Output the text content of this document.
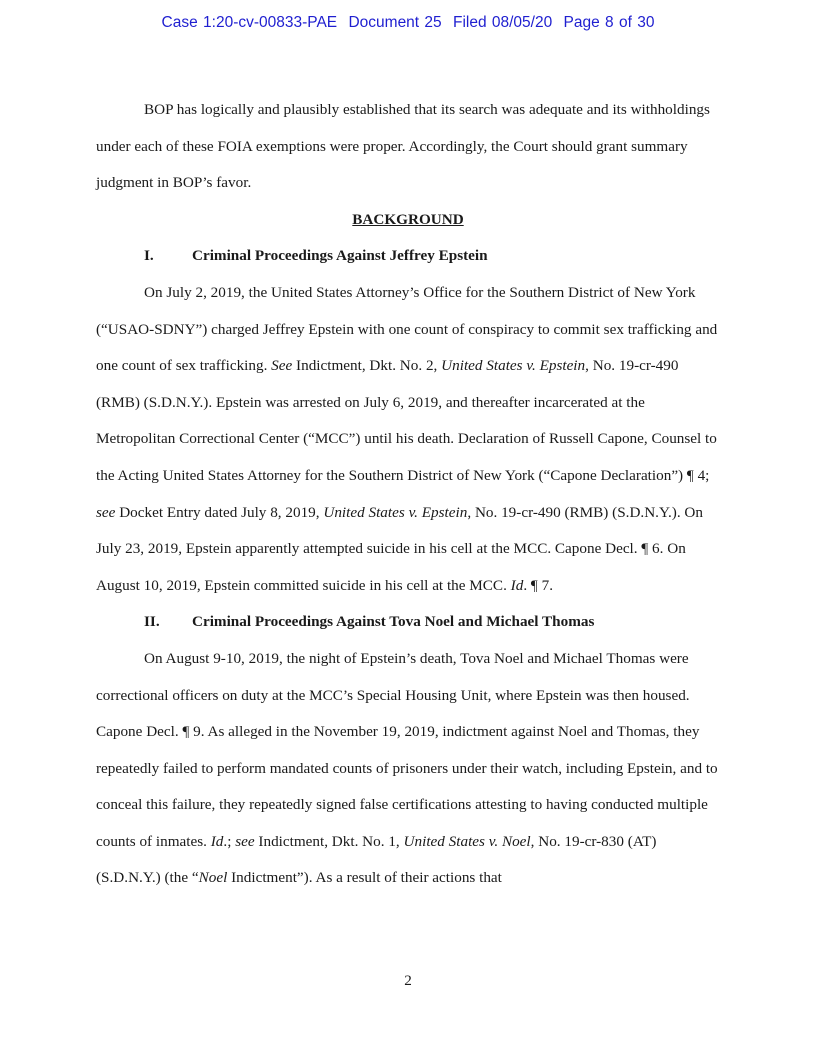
Case 1:20-cv-00833-PAE Document 25 Filed 08/05/20 Page 8 of 30

BOP has logically and plausibly established that its search was adequate and its withholdings under each of these FOIA exemptions were proper. Accordingly, the Court should grant summary judgment in BOP’s favor.

BACKGROUND

I.	Criminal Proceedings Against Jeffrey Epstein

On July 2, 2019, the United States Attorney’s Office for the Southern District of New York (“USAO-SDNY”) charged Jeffrey Epstein with one count of conspiracy to commit sex trafficking and one count of sex trafficking. See Indictment, Dkt. No. 2, United States v. Epstein, No. 19-cr-490 (RMB) (S.D.N.Y.). Epstein was arrested on July 6, 2019, and thereafter incarcerated at the Metropolitan Correctional Center (“MCC”) until his death. Declaration of Russell Capone, Counsel to the Acting United States Attorney for the Southern District of New York (“Capone Declaration”) ¶ 4; see Docket Entry dated July 8, 2019, United States v. Epstein, No. 19-cr-490 (RMB) (S.D.N.Y.). On July 23, 2019, Epstein apparently attempted suicide in his cell at the MCC. Capone Decl. ¶ 6. On August 10, 2019, Epstein committed suicide in his cell at the MCC. Id. ¶ 7.

II. Criminal Proceedings Against Tova Noel and Michael Thomas

On August 9-10, 2019, the night of Epstein’s death, Tova Noel and Michael Thomas were correctional officers on duty at the MCC’s Special Housing Unit, where Epstein was then housed. Capone Decl. ¶ 9. As alleged in the November 19, 2019, indictment against Noel and Thomas, they repeatedly failed to perform mandated counts of prisoners under their watch, including Epstein, and to conceal this failure, they repeatedly signed false certifications attesting to having conducted multiple counts of inmates. Id.; see Indictment, Dkt. No. 1, United States v. Noel, No. 19-cr-830 (AT) (S.D.N.Y.) (the “Noel Indictment”). As a result of their actions that

2
